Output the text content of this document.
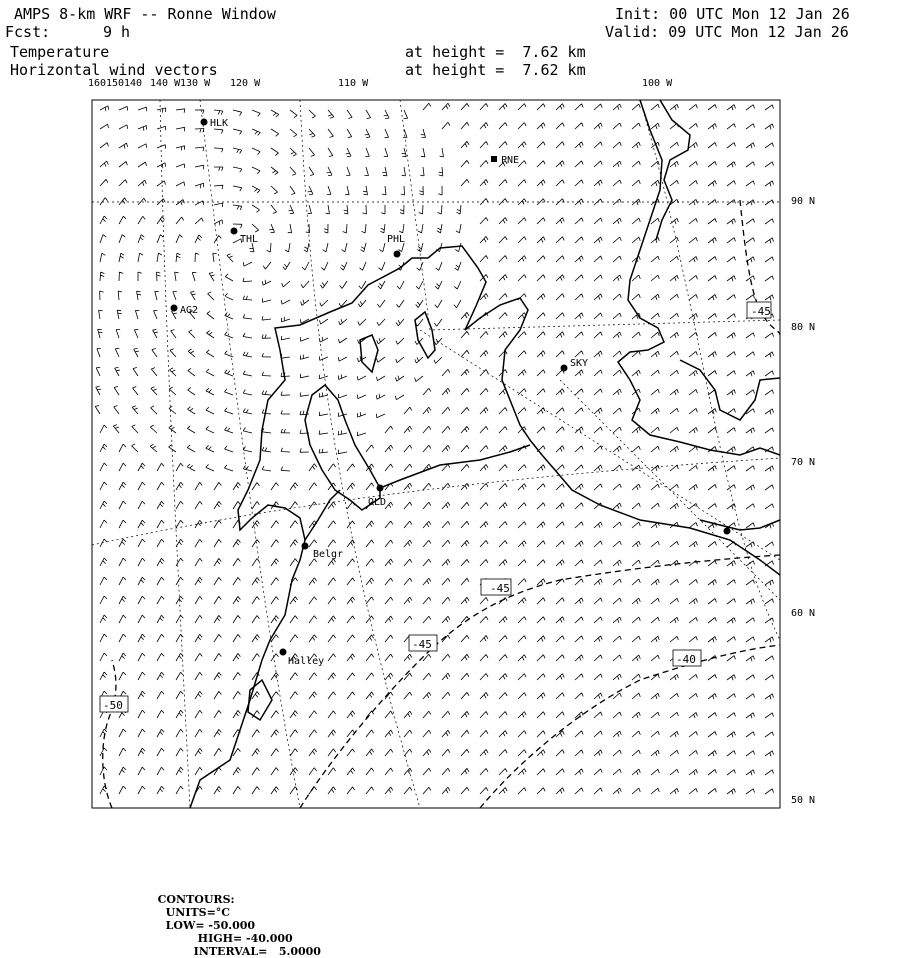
AMPS 8-km WRF -- Ronne Window
Fcst:	9 h
Temperature
Horizontal wind vectors
at height =  7.62 km
at height =  7.62 km
Init: 00 UTC Mon 12 Jan 26
Valid: 09 UTC Mon 12 Jan 26
160 150 140 140 W 130 W 120 W	110 W	100 W
90 N
80 N
70 N
60 N
50 N
HLK
PNE
THL	PHL
AG2
SKY
OLD
Belgr
Halley
-45
-45
-45
-40
-50

CONTOURS:
UNITS=°C
LOW= -50.000
HIGH= -40.000
INTERVAL=   5.0000
